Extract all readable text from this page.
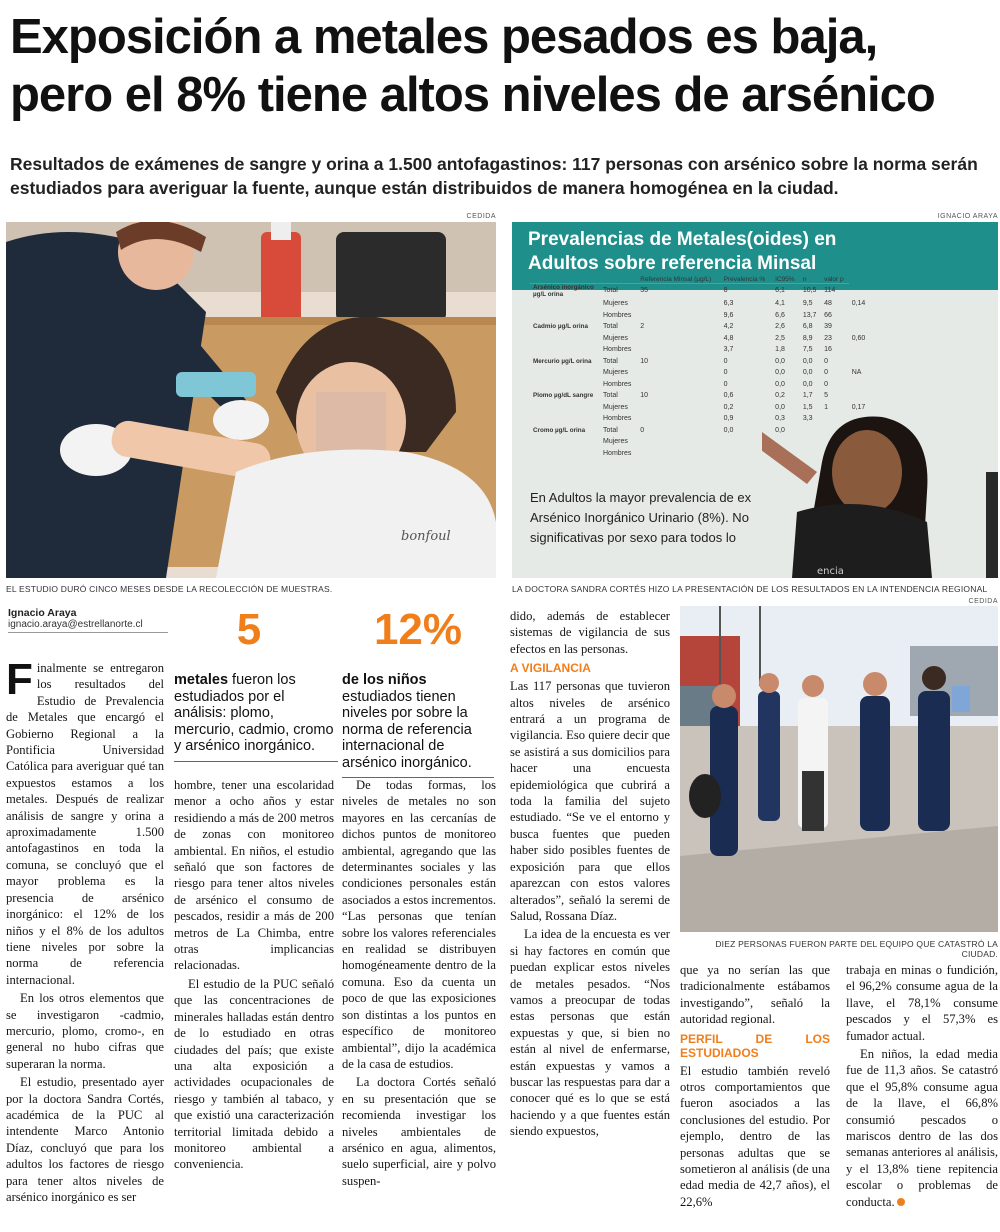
Exposición a metales pesados es baja,
pero el 8% tiene altos niveles de arsénico
Resultados de exámenes de sangre y orina a 1.500 antofagastinos: 117 personas con arsénico sobre la norma serán estudiados para averiguar la fuente, aunque están distribuidos de manera homogénea en la ciudad.
CEDIDA
bonfoul
EL ESTUDIO DURÓ CINCO MESES DESDE LA RECOLECCIÓN DE MUESTRAS.
IGNACIO ARAYA
Prevalencias de Metales(oides) en
Adultos sobre referencia Minsal
		Referencia Minsal (µg/L)	Prevalencia %	IC95%	n	valor p	
Arsénico inorgánico µg/L orina	Total	35	8	6,1	10,5	114	
	Mujeres		6,3	4,1	9,5	48	0,14
	Hombres		9,6	6,6	13,7	66	
Cadmio µg/L orina	Total	2	4,2	2,6	6,8	39	
	Mujeres		4,8	2,5	8,9	23	0,60
	Hombres		3,7	1,8	7,5	16	
Mercurio µg/L orina	Total	10	0	0,0	0,0	0	
	Mujeres		0	0,0	0,0	0	NA
	Hombres		0	0,0	0,0	0	
Plomo µg/dL sangre	Total	10	0,6	0,2	1,7	5	
	Mujeres		0,2	0,0	1,5	1	0,17
	Hombres		0,9	0,3	3,3		
Cromo µg/L orina	Total	0	0,0	0,0			
	Mujeres						
	Hombres						
En Adultos la mayor prevalencia de ex
Arsénico Inorgánico Urinario (8%). No
significativas por sexo para todos lo
encia
LA DOCTORA SANDRA CORTÉS HIZO LA PRESENTACIÓN DE LOS RESULTADOS EN LA INTENDENCIA REGIONAL
Ignacio Araya
ignacio.araya@estrellanorte.cl	5
metales fueron los estudiados por el análisis: plomo, mercurio, cadmio, cromo y arsénico inorgánico.
12%
de los niños estudiados tienen niveles por sobre la norma de referencia internacional de arsénico inorgánico.

Finalmente se entregaron los resultados del Estudio de Prevalencia de Metales que encargó el Gobierno Regional a la Pontificia Universidad Católica para averiguar qué tan expuestos estamos a los metales. Después de realizar análisis de sangre y orina a aproximadamente 1.500 antofagastinos en toda la comuna, se concluyó que el mayor problema es la presencia de arsénico inorgánico: el 12% de los niños y el 8% de los adultos tiene niveles por sobre la norma de referencia internacional.

En los otros elementos que se investigaron -cadmio, mercurio, plomo, cromo-, en general no hubo cifras que superaran la norma.

El estudio, presentado ayer por la doctora Sandra Cortés, académica de la PUC al intendente Marco Antonio Díaz, concluyó que para los adultos los factores de riesgo para tener altos niveles de arsénico inorgánico es ser

hombre, tener una escolaridad menor a ocho años y estar residiendo a más de 200 metros de zonas con monitoreo ambiental. En niños, el estudio señaló que son factores de riesgo para tener altos niveles de arsénico el consumo de pescados, residir a más de 200 metros de La Chimba, entre otras implicancias relacionadas.

El estudio de la PUC señaló que las concentraciones de minerales halladas están dentro de lo estudiado en otras ciudades del país; que existe una alta exposición a actividades ocupacionales de riesgo y también al tabaco, y que existió una caracterización territorial limitada debido a monitoreo ambiental a conveniencia.

De todas formas, los niveles de metales no son mayores en las cercanías de dichos puntos de monitoreo ambiental, agregando que las determinantes sociales y las condiciones personales están asociados a estos incrementos. “Las personas que tenían sobre los valores referenciales en realidad se distribuyen homogéneamente dentro de la comuna. Eso da cuenta un poco de que las exposiciones son distintas a los puntos en específico de monitoreo ambiental”, dijo la académica de la casa de estudios.

La doctora Cortés señaló en su presentación que se recomienda investigar los niveles ambientales de arsénico en agua, alimentos, suelo superficial, aire y polvo suspen-

dido, además de establecer sistemas de vigilancia de sus efectos en las personas.

A VIGILANCIA

Las 117 personas que tuvieron altos niveles de arsénico entrará a un programa de vigilancia. Eso quiere decir que se asistirá a sus domicilios para hacer una encuesta epidemiológica que cubrirá a toda la familia del sujeto estudiado. “Se ve el entorno y busca fuentes que pueden haber sido posibles fuentes de exposición para que ellos aparezcan con estos valores alterados”, señaló la seremi de Salud, Rossana Díaz.

La idea de la encuesta es ver si hay factores en común que puedan explicar estos niveles de metales pesados. “Nos vamos a preocupar de todas estas personas que están expuestas y que, si bien no están al nivel de enfermarse, están expuestas y vamos a buscar las respuestas para dar a conocer qué es lo que se está haciendo y a que fuentes están siendo expuestos,

CEDIDA
DIEZ PERSONAS FUERON PARTE DEL EQUIPO QUE CATASTRÓ LA CIUDAD.

que ya no serían las que tradicionalmente estábamos investigando”, señaló la autoridad regional.

PERFIL DE LOS ESTUDIADOS

El estudio también reveló otros comportamientos que fueron asociados a las conclusiones del estudio. Por ejemplo, dentro de las personas adultas que se sometieron al análisis (de una edad media de 42,7 años), el 22,6%

trabaja en minas o fundición, el 96,2% consume agua de la llave, el 78,1% consume pescados y el 57,3% es fumador actual.

En niños, la edad media fue de 11,3 años. Se catastró que el 95,8% consume agua de la llave, el 66,8% consumió pescados o mariscos dentro de las dos semanas anteriores al análisis, y el 13,8% tiene repitencia escolar o problemas de conducta.
